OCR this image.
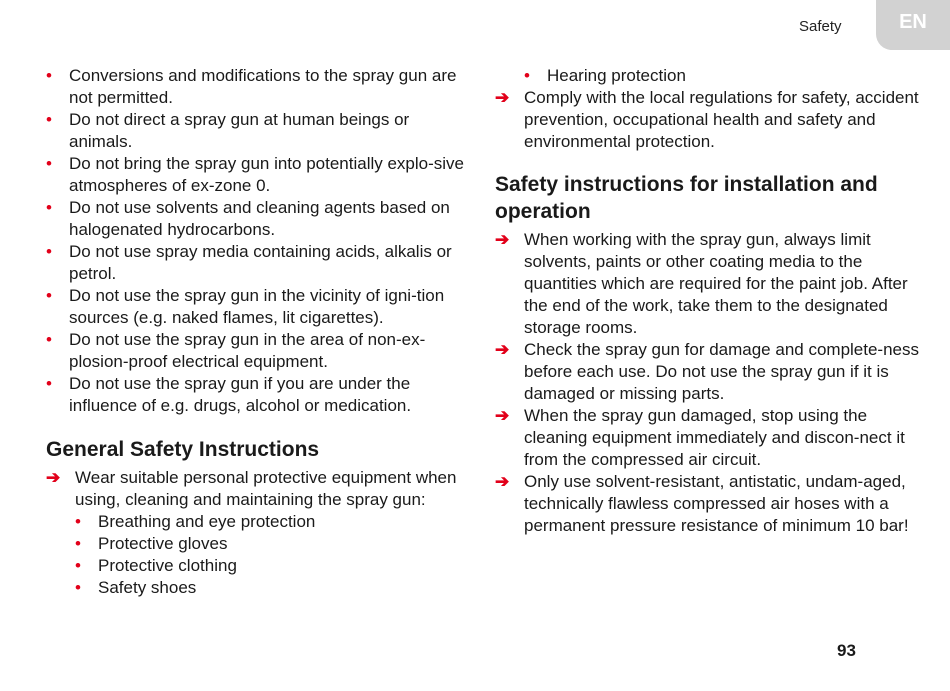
Safety	EN
• Conversions and modifications to the spray gun are not permitted.
• Do not direct a spray gun at human beings or animals.
• Do not bring the spray gun into potentially explo-sive atmospheres of ex-zone 0.
• Do not use solvents and cleaning agents based on halogenated hydrocarbons.
• Do not use spray media containing acids, alkalis or petrol.
• Do not use the spray gun in the vicinity of igni-tion sources (e.g. naked flames, lit cigarettes).
• Do not use the spray gun in the area of non-ex-plosion-proof electrical equipment.
• Do not use the spray gun if you are under the influence of e.g. drugs, alcohol or medication.
General Safety Instructions
➔ Wear suitable personal protective equipment when using, cleaning and maintaining the spray gun:
• Breathing and eye protection
• Protective gloves
• Protective clothing
• Safety shoes
• Hearing protection
➔ Comply with the local regulations for safety, accident prevention, occupational health and safety and environmental protection.
Safety instructions for installation and operation
➔ When working with the spray gun, always limit solvents, paints or other coating media to the quantities which are required for the paint job. After the end of the work, take them to the designated storage rooms.
➔ Check the spray gun for damage and complete-ness before each use. Do not use the spray gun if it is damaged or missing parts.
➔ When the spray gun damaged, stop using the cleaning equipment immediately and discon-nect it from the compressed air circuit.
➔ Only use solvent-resistant, antistatic, undam-aged, technically flawless compressed air hoses with a permanent pressure resistance of minimum 10 bar!
93
